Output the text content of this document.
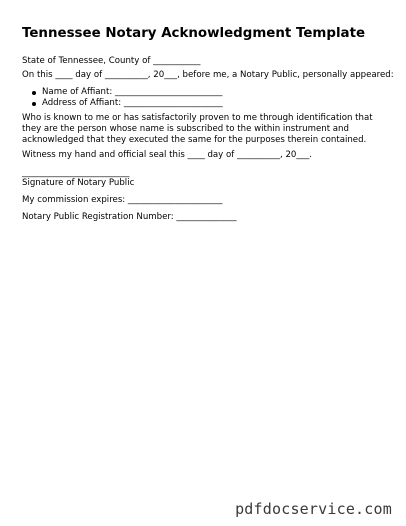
Tennessee Notary Acknowledgment Template
State of Tennessee, County of ___________
On this ____ day of __________, 20___, before me, a Notary Public, personally appeared:
Name of Affiant: _________________________
Address of Affiant: _______________________
Who is known to me or has satisfactorily proven to me through identification that they are the person whose name is subscribed to the within instrument and acknowledged that they executed the same for the purposes therein contained.
Witness my hand and official seal this ____ day of __________, 20___.
_________________________
Signature of Notary Public
My commission expires: ______________________
Notary Public Registration Number: ______________
pdfdocservice.com
